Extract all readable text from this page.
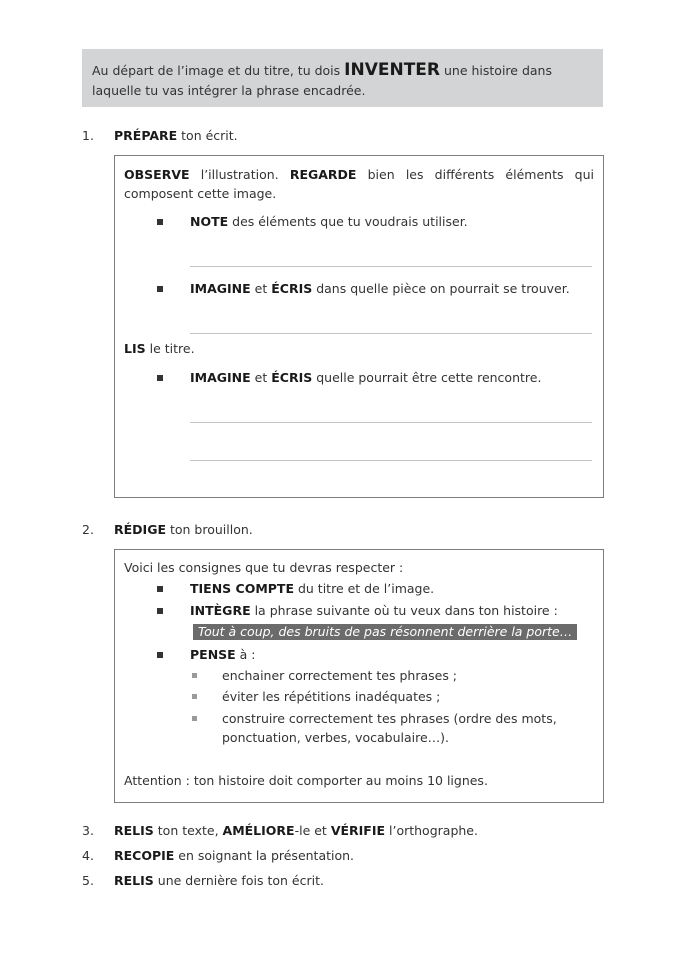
Au départ de l’image et du titre, tu dois INVENTER une histoire dans laquelle tu vas intégrer la phrase encadrée.
1. PRÉPARE ton écrit.
OBSERVE l’illustration. REGARDE bien les différents éléments qui composent cette image.
NOTE des éléments que tu voudrais utiliser.
IMAGINE et ÉCRIS dans quelle pièce on pourrait se trouver.
LIS le titre.
IMAGINE et ÉCRIS quelle pourrait être cette rencontre.
2. RÉDIGE ton brouillon.
Voici les consignes que tu devras respecter :
TIENS COMPTE du titre et de l’image.
INTÈGRE la phrase suivante où tu veux dans ton histoire :
Tout à coup, des bruits de pas résonnent derrière la porte…
PENSE à :
enchainer correctement tes phrases ;
éviter les répétitions inadéquates ;
construire correctement tes phrases (ordre des mots,
ponctuation, verbes, vocabulaire…).
Attention : ton histoire doit comporter au moins 10 lignes.
3. RELIS ton texte, AMÉLIORE-le et VÉRIFIE l’orthographe.
4. RECOPIE en soignant la présentation.
5. RELIS une dernière fois ton écrit.
